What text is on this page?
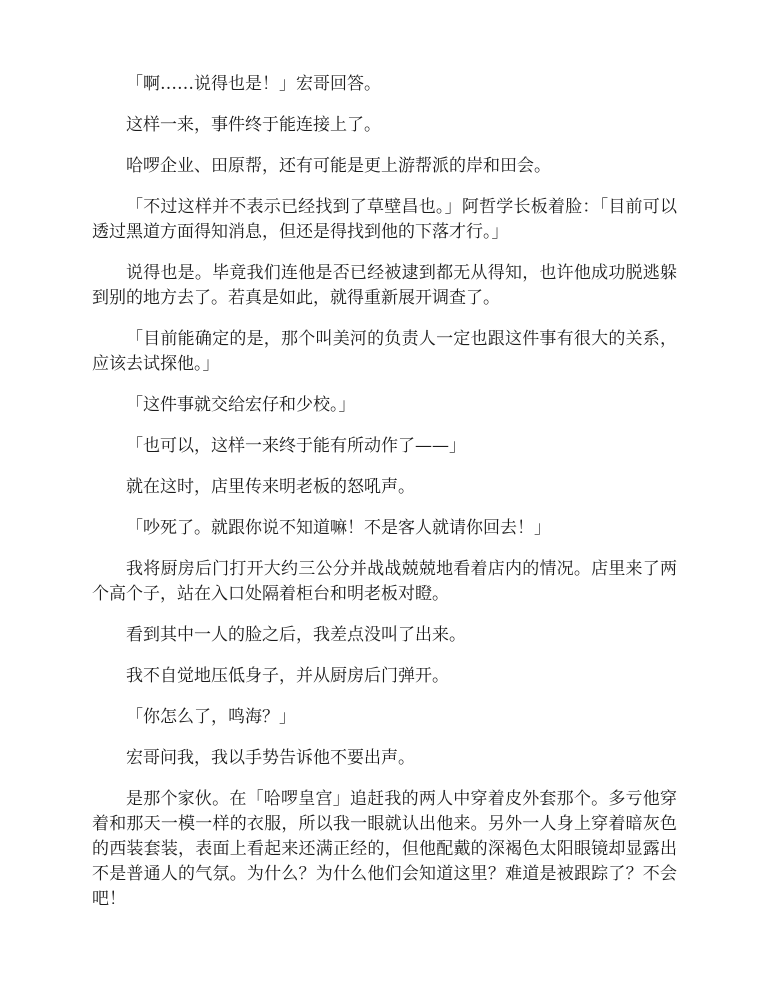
「啊……说得也是！」宏哥回答。

这样一来，事件终于能连接上了。

哈啰企业、田原帮，还有可能是更上游帮派的岸和田会。

「不过这样并不表示已经找到了草壁昌也。」阿哲学长板着脸：「目前可以透过黑道方面得知消息，但还是得找到他的下落才行。」

说得也是。毕竟我们连他是否已经被逮到都无从得知，也许他成功脱逃躲到别的地方去了。若真是如此，就得重新展开调查了。

「目前能确定的是，那个叫美河的负责人一定也跟这件事有很大的关系，应该去试探他。」

「这件事就交给宏仔和少校。」

「也可以，这样一来终于能有所动作了——」

就在这时，店里传来明老板的怒吼声。

「吵死了。就跟你说不知道嘛！不是客人就请你回去！」

我将厨房后门打开大约三公分并战战兢兢地看着店内的情况。店里来了两个高个子，站在入口处隔着柜台和明老板对瞪。

看到其中一人的脸之后，我差点没叫了出来。

我不自觉地压低身子，并从厨房后门弹开。

「你怎么了，鸣海？」

宏哥问我，我以手势告诉他不要出声。

是那个家伙。在「哈啰皇宫」追赶我的两人中穿着皮外套那个。多亏他穿着和那天一模一样的衣服，所以我一眼就认出他来。另外一人身上穿着暗灰色的西装套装，表面上看起来还满正经的，但他配戴的深褐色太阳眼镜却显露出不是普通人的气氛。为什么？为什么他们会知道这里？难道是被跟踪了？不会吧！
